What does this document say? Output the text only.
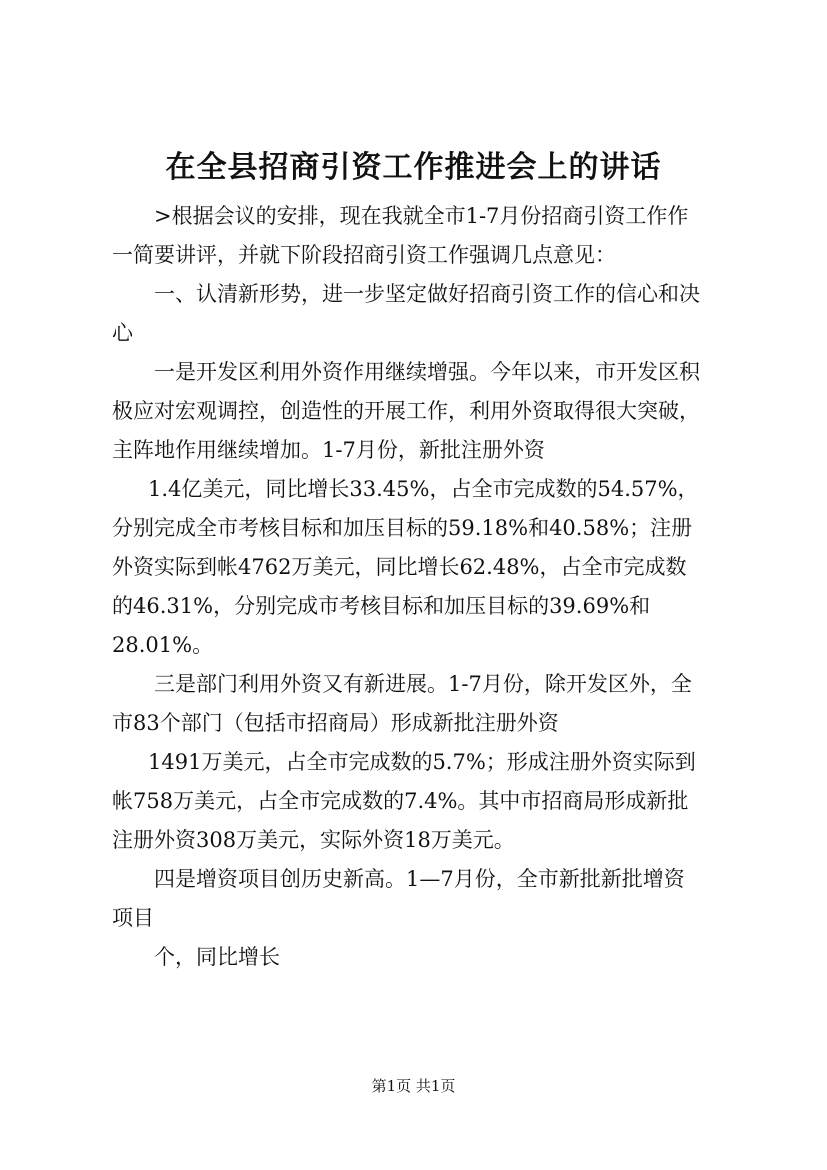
在全县招商引资工作推进会上的讲话
>根据会议的安排，现在我就全市1-7月份招商引资工作作
一简要讲评，并就下阶段招商引资工作强调几点意见：
一、认清新形势，进一步坚定做好招商引资工作的信心和决
心
一是开发区利用外资作用继续增强。今年以来，市开发区积
极应对宏观调控，创造性的开展工作，利用外资取得很大突破，
主阵地作用继续增加。1-7月份，新批注册外资
1.4亿美元，同比增长33.45%，占全市完成数的54.57%，
分别完成全市考核目标和加压目标的59.18%和40.58%；注册
外资实际到帐4762万美元，同比增长62.48%，占全市完成数
的46.31%，分别完成市考核目标和加压目标的39.69%和
28.01%。
三是部门利用外资又有新进展。1-7月份，除开发区外，全
市83个部门（包括市招商局）形成新批注册外资
1491万美元，占全市完成数的5.7%；形成注册外资实际到
帐758万美元，占全市完成数的7.4%。其中市招商局形成新批
注册外资308万美元，实际外资18万美元。
四是增资项目创历史新高。1—7月份，全市新批新批增资
项目
个，同比增长
第1页 共1页
